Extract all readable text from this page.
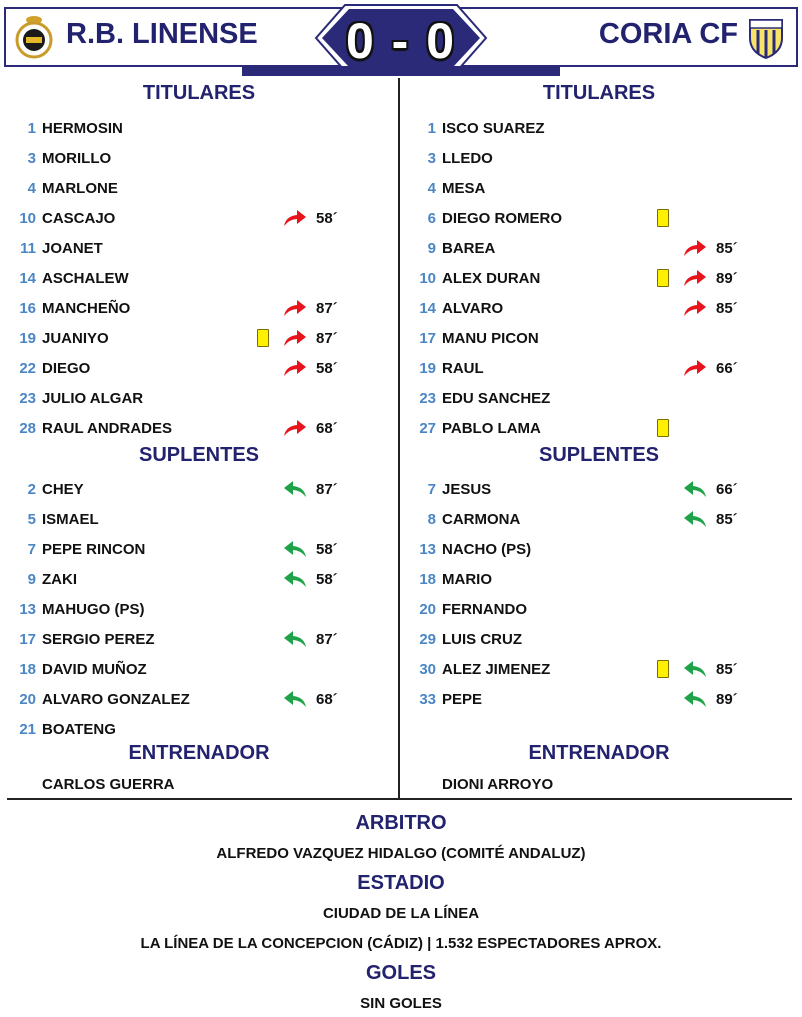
R.B. LINENSE	CORIA CF
0 - 0
TITULARES
1 HERMOSIN
3 MORILLO
4 MARLONE
10 CASCAJO	58´
11 JOANET
14 ASCHALEW
16 MANCHEÑO	87´
19 JUANIYO	87´
22 DIEGO	58´
23 JULIO ALGAR
28 RAUL ANDRADES	68´
SUPLENTES
2 CHEY	87´
5 ISMAEL
7 PEPE RINCON	58´
9 ZAKI	58´
13 MAHUGO (PS)
17 SERGIO PEREZ	87´
18 DAVID MUÑOZ
20 ALVARO GONZALEZ	68´
21 BOATENG
ENTRENADOR
CARLOS GUERRA
TITULARES
1 ISCO SUAREZ
3 LLEDO
4 MESA
6 DIEGO ROMERO
9 BAREA	85´
10 ALEX DURAN	89´
14 ALVARO	85´
17 MANU PICON
19 RAUL	66´
23 EDU SANCHEZ
27 PABLO LAMA
SUPLENTES
7 JESUS	66´
8 CARMONA	85´
13 NACHO (PS)
18 MARIO
20 FERNANDO
29 LUIS CRUZ
30 ALEZ JIMENEZ	85´
33 PEPE	89´
ENTRENADOR
DIONI ARROYO
ARBITRO
ALFREDO VAZQUEZ HIDALGO (COMITÉ ANDALUZ)
ESTADIO
CIUDAD DE LA LÍNEA
LA LÍNEA DE LA CONCEPCION (CÁDIZ) | 1.532 ESPECTADORES APROX.
GOLES
SIN GOLES
